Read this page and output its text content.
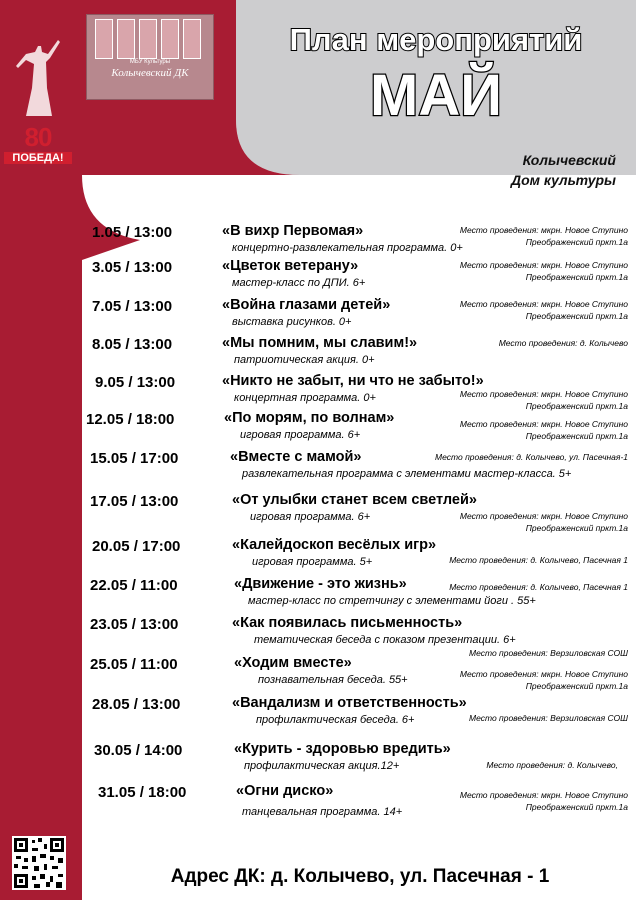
МБУ Культуры
Колычевский ДК
80
ПОБЕДА!
План мероприятий
МАЙ
Колычевский
Дом культуры
1.05 / 13:00	«В вихр Первомая»
концертно-развлекательная программа. 0+
Место проведения: мкрн. Новое Ступино
Преображенский пркт.1а
3.05 / 13:00	«Цветок ветерану»
мастер-класс по ДПИ. 6+
Место проведения: мкрн. Новое Ступино
Преображенский пркт.1а
7.05 / 13:00	«Война глазами детей»
выставка рисунков. 0+
Место проведения: мкрн. Новое Ступино
Преображенский пркт.1а
8.05 / 13:00	«Мы помним, мы славим!»
патриотическая акция. 0+
Место проведения: д. Колычево
9.05 / 13:00	«Никто не забыт, ни что не забыто!»
концертная программа. 0+	Место проведения: мкрн. Новое Ступино
Преображенский пркт.1а
12.05 / 18:00	«По морям, по волнам»
игровая программа. 6+
Место проведения: мкрн. Новое Ступино
Преображенский пркт.1а
15.05 / 17:00	«Вместе с мамой»
развлекательная программа с элементами мастер-класса. 5+
Место проведения: д. Колычево, ул. Пасечная-1
17.05 / 13:00	«От улыбки станет всем светлей»
игровая программа. 6+	Место проведения: мкрн. Новое Ступино
Преображенский пркт.1а
20.05 / 17:00	«Калейдоскоп весёлых игр»
игровая программа. 5+	Место проведения: д. Колычево, Пасечная 1
22.05 / 11:00	«Движение - это жизнь»
мастер-класс по стретчингу с элементами йоги . 55+
Место проведения: д. Колычево, Пасечная 1
23.05 / 13:00	«Как появилась письменность»
тематическая беседа с показом презентации. 6+
Место проведения: Верзиловская СОШ
25.05 / 11:00	«Ходим вместе»
познавательная беседа. 55+	Место проведения: мкрн. Новое Ступино
Преображенский пркт.1а
28.05 / 13:00	«Вандализм и ответственность»
профилактическая беседа. 6+	Место проведения: Верзиловская СОШ
30.05 / 14:00	«Курить - здоровью вредить»
профилактическая акция.12+	Место проведения: д. Колычево,
31.05 / 18:00	«Огни диско»
танцевальная программа. 14+
Место проведения: мкрн. Новое Ступино
Преображенский пркт.1а
Адрес ДК: д. Колычево, ул. Пасечная - 1
